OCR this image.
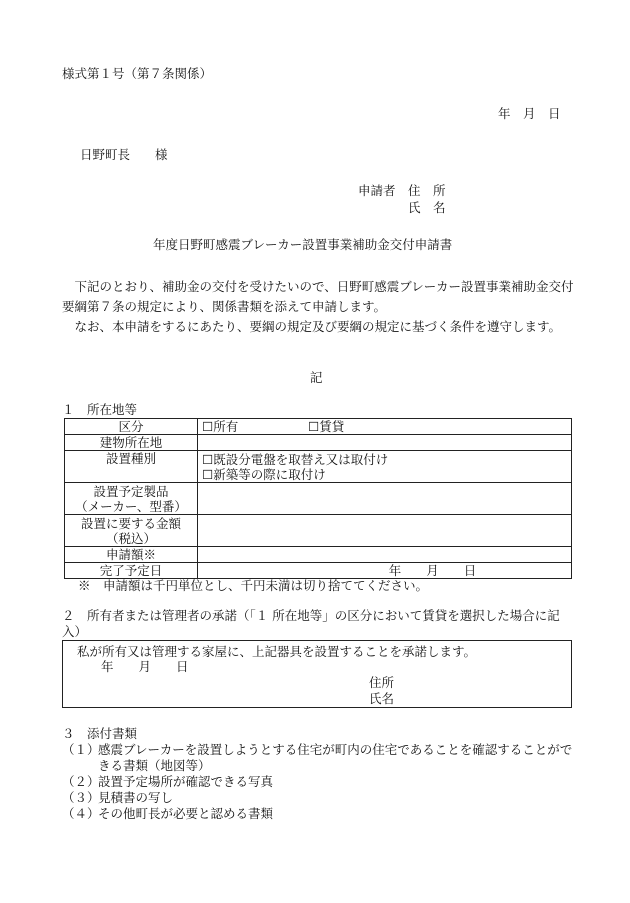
様式第１号（第７条関係）
年　月　日
日野町長　　様
申請者 住　所
氏　名
年度日野町感震ブレーカー設置事業補助金交付申請書
下記のとおり、補助金の交付を受けたいので、日野町感震ブレーカー設置事業補助金交付要綱第７条の規定により、関係書類を添えて申請します。
なお、本申請をするにあたり、要綱の規定及び要綱の規定に基づく条件を遵守します。
記
１　所在地等
区分	☐所有 ☐賃貸
建物所在地	
設置種別	☐既設分電盤を取替え又は取付け
☐新築等の際に取付け

設置予定製品
（メーカー、型番）	

設置に要する金額
（税込）	

申請額※	
完了予定日	年　　月　　日
※　申請額は千円単位とし、千円未満は切り捨ててください。
２　所有者または管理者の承諾（「１ 所在地等」の区分において賃貸を選択した場合に記入）
私が所有又は管理する家屋に、上記器具を設置することを承諾します。
年　　月　　日
住所
氏名
３　添付書類
（１）
感震ブレーカーを設置しようとする住宅が町内の住宅であることを確認することができる書類（地図等）
（２）
設置予定場所が確認できる写真
（３）
見積書の写し
（４）
その他町長が必要と認める書類
